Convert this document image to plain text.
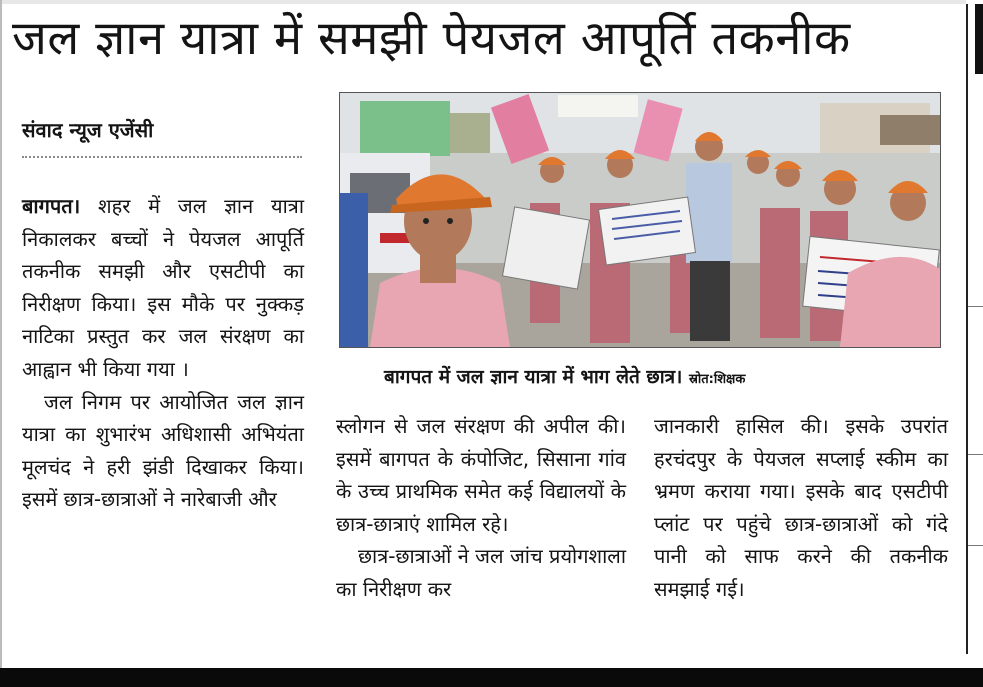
जल ज्ञान यात्रा में समझी पेयजल आपूर्ति तकनीक
संवाद न्यूज एजेंसी

बागपत। शहर में जल ज्ञान यात्रा निकालकर बच्चों ने पेयजल आपूर्ति तकनीक समझी और एसटीपी का निरीक्षण किया। इस मौके पर नुक्कड़ नाटिका प्रस्तुत कर जल संरक्षण का आह्वान भी किया गया ।

जल निगम पर आयोजित जल ज्ञान यात्रा का शुभारंभ अधिशासी अभियंता मूलचंद ने हरी झंडी दिखाकर किया। इसमें छात्र-छात्राओं ने नारेबाजी और

बागपत में जल ज्ञान यात्रा में भाग लेते छात्र। स्रोत:शिक्षक

स्लोगन से जल संरक्षण की अपील की। इसमें बागपत के कंपोजिट, सिसाना गांव के उच्च प्राथमिक समेत कई विद्यालयों के छात्र-छात्राएं शामिल रहे।

छात्र-छात्राओं ने जल जांच प्रयोगशाला का निरीक्षण कर

जानकारी हासिल की। इसके उपरांत हरचंदपुर के पेयजल सप्लाई स्कीम का भ्रमण कराया गया। इसके बाद एसटीपी प्लांट पर पहुंचे छात्र-छात्राओं को गंदे पानी को साफ करने की तकनीक समझाई गई।
